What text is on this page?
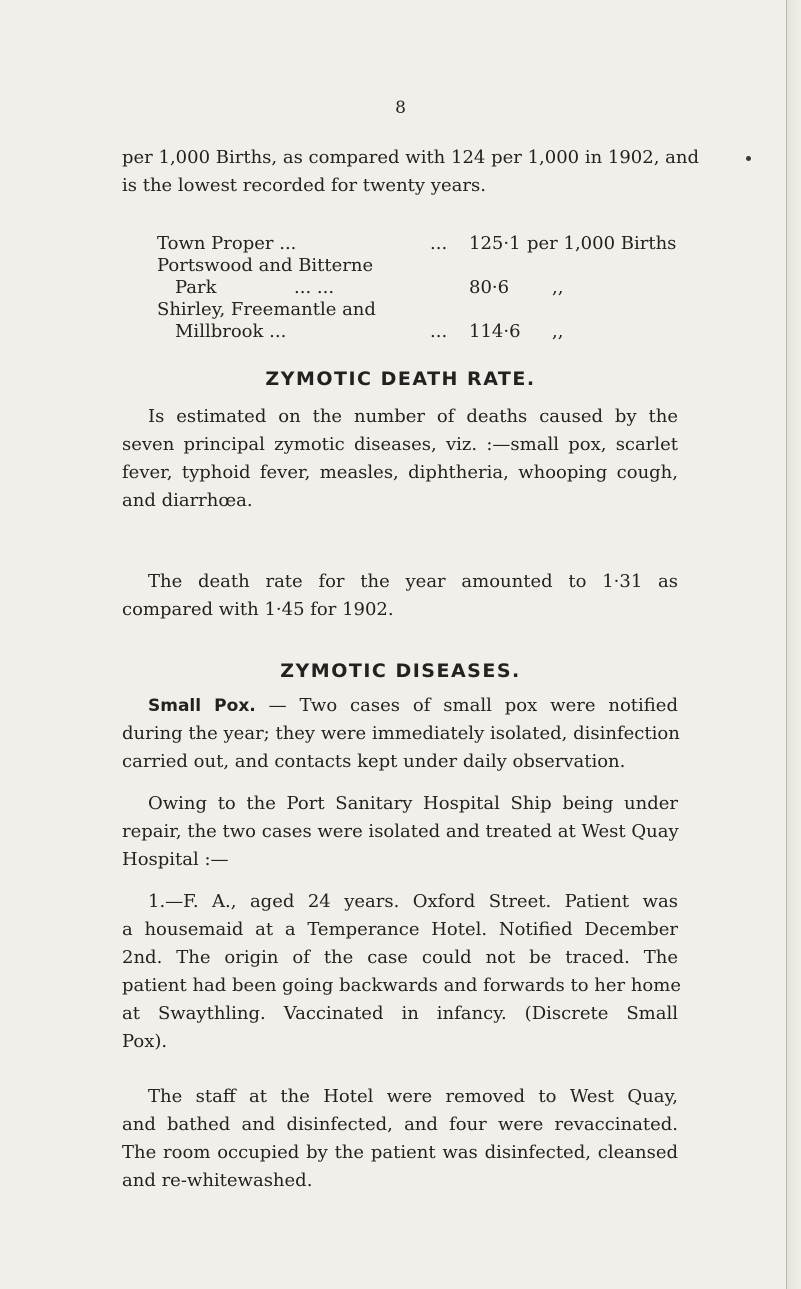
8
per 1,000 Births, as compared with 124 per 1,000 in 1902, and
is the lowest recorded for twenty years.
Town Proper ...	... 125·1 per 1,000 Births
Portswood and Bitterne
Park	... ...	80·6 ,,
Shirley, Freemantle and
Millbrook ...	... 114·6 ,,
ZYMOTIC DEATH RATE.
Is estimated on the number of deaths caused by the
seven principal zymotic diseases, viz. :—small pox, scarlet
fever, typhoid fever, measles, diphtheria, whooping cough,
and diarrhœa.
The death rate for the year amounted to 1·31 as
compared with 1·45 for 1902.
ZYMOTIC DISEASES.
Small Pox. — Two cases of small pox were notified
during the year; they were immediately isolated, disinfection
carried out, and contacts kept under daily observation.
Owing to the Port Sanitary Hospital Ship being under
repair, the two cases were isolated and treated at West Quay
Hospital :—
1.—F. A., aged 24 years. Oxford Street. Patient was
a housemaid at a Temperance Hotel. Notified December
2nd. The origin of the case could not be traced. The
patient had been going backwards and forwards to her home
at Swaythling. Vaccinated in infancy. (Discrete Small
Pox).
The staff at the Hotel were removed to West Quay,
and bathed and disinfected, and four were revaccinated.
The room occupied by the patient was disinfected, cleansed
and re-whitewashed.
